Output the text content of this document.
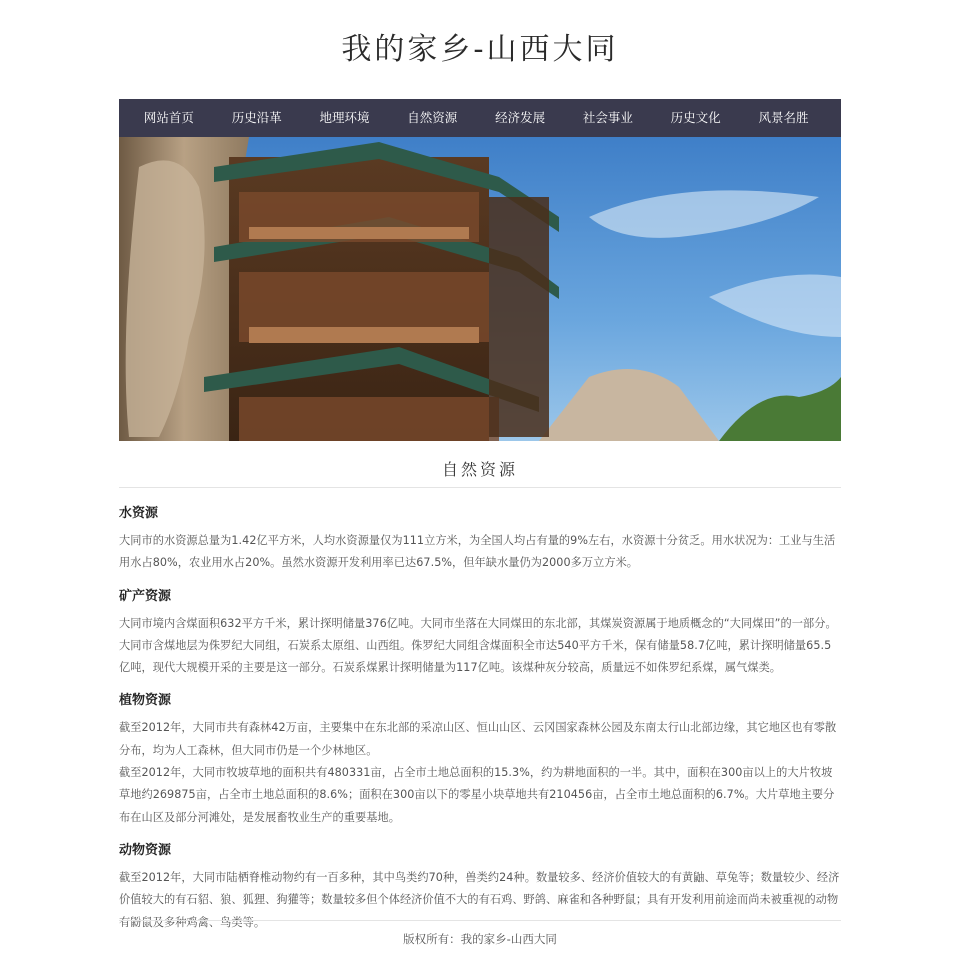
我的家乡-山西大同
网站首页	历史沿革	地理环境	自然资源	经济发展	社会事业	历史文化	风景名胜
自然资源
水资源

大同市的水资源总量为1.42亿平方米，人均水资源量仅为111立方米，为全国人均占有量的9%左右，水资源十分贫乏。用水状况为：工业与生活用水占80%，农业用水占20%。虽然水资源开发利用率已达67.5%，但年缺水量仍为2000多万立方米。

矿产资源

大同市境内含煤面积632平方千米，累计探明储量376亿吨。大同市坐落在大同煤田的东北部，其煤炭资源属于地质概念的“大同煤田”的一部分。大同市含煤地层为侏罗纪大同组，石炭系太原组、山西组。侏罗纪大同组含煤面积全市达540平方千米，保有储量58.7亿吨，累计探明储量65.5亿吨，现代大规模开采的主要是这一部分。石炭系煤累计探明储量为117亿吨。该煤种灰分较高，质量远不如侏罗纪系煤，属气煤类。

植物资源

截至2012年，大同市共有森林42万亩，主要集中在东北部的采凉山区、恒山山区、云冈国家森林公园及东南太行山北部边缘，其它地区也有零散分布，均为人工森林，但大同市仍是一个少林地区。

截至2012年，大同市牧坡草地的面积共有480331亩，占全市土地总面积的15.3%，约为耕地面积的一半。其中，面积在300亩以上的大片牧坡草地约269875亩，占全市土地总面积的8.6%；面积在300亩以下的零星小块草地共有210456亩，占全市土地总面积的6.7%。大片草地主要分布在山区及部分河滩处，是发展畜牧业生产的重要基地。

动物资源

截至2012年，大同市陆栖脊椎动物约有一百多种，其中鸟类约70种，兽类约24种。数量较多、经济价值较大的有黄鼬、草兔等；数量较少、经济价值较大的有石貂、狼、狐狸、狗獾等；数量较多但个体经济价值不大的有石鸡、野鸽、麻雀和各种野鼠；具有开发利用前途而尚未被重视的动物有鼢鼠及多种鸡禽、鸟类等。

版权所有：我的家乡-山西大同
